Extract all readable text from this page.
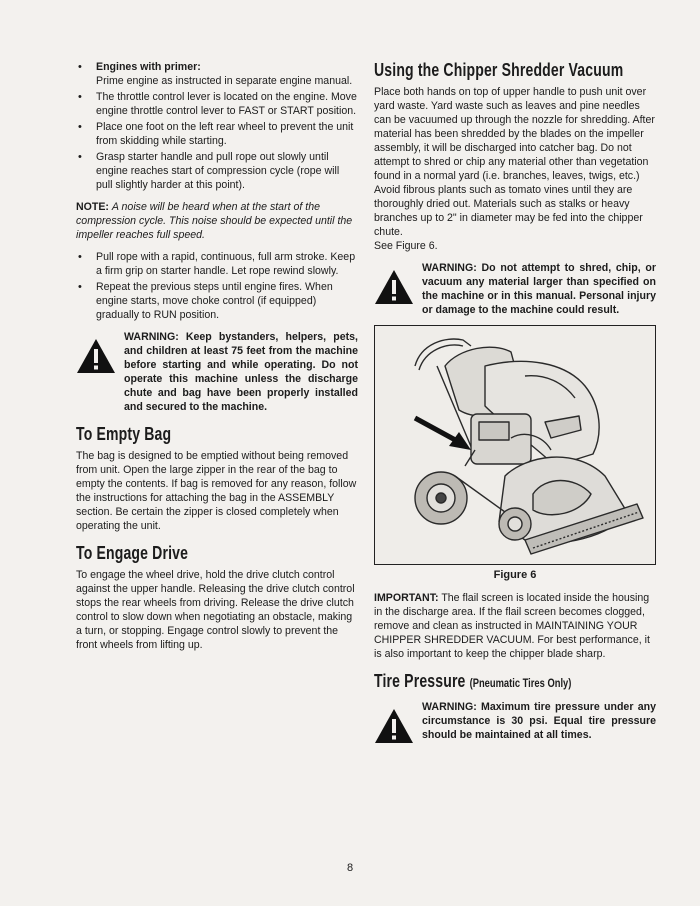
• Engines with primer:
Prime engine as instructed in separate engine manual.
• The throttle control lever is located on the engine. Move engine throttle control lever to FAST or START position.
• Place one foot on the left rear wheel to prevent the unit from skidding while starting.
• Grasp starter handle and pull rope out slowly until engine reaches start of compression cycle (rope will pull slightly harder at this point).

NOTE: A noise will be heard when at the start of the compression cycle. This noise should be expected until the impeller reaches full speed.

• Pull rope with a rapid, continuous, full arm stroke. Keep a firm grip on starter handle. Let rope rewind slowly.
• Repeat the previous steps until engine fires. When engine starts, move choke control (if equipped) gradually to RUN position.

WARNING: Keep bystanders, helpers, pets, and children at least 75 feet from the machine before starting and while operating. Do not operate this machine unless the discharge chute and bag have been properly installed and secured to the machine.

To Empty Bag

The bag is designed to be emptied without being removed from unit. Open the large zipper in the rear of the bag to empty the contents. If bag is removed for any reason, follow the instructions for attaching the bag in the ASSEMBLY section. Be certain the zipper is closed completely when operating the unit.

To Engage Drive

To engage the wheel drive, hold the drive clutch control against the upper handle. Releasing the drive clutch control stops the rear wheels from driving. Release the drive clutch control to slow down when negotiating an obstacle, making a turn, or stopping. Engage control slowly to prevent the front wheels from lifting up.

Using the Chipper Shredder Vacuum

Place both hands on top of upper handle to push unit over yard waste. Yard waste such as leaves and pine needles can be vacuumed up through the nozzle for shredding. After material has been shredded by the blades on the impeller assembly, it will be discharged into catcher bag. Do not attempt to shred or chip any material other than vegetation found in a normal yard (i.e. branches, leaves, twigs, etc.) Avoid fibrous plants such as tomato vines until they are thoroughly dried out. Materials such as stalks or heavy branches up to 2" in diameter may be fed into the chipper chute.

See Figure 6.

WARNING: Do not attempt to shred, chip, or vacuum any material larger than specified on the machine or in this manual. Personal injury or damage to the machine could result.

Figure 6

IMPORTANT: The flail screen is located inside the housing in the discharge area. If the flail screen becomes clogged, remove and clean as instructed in MAINTAINING YOUR CHIPPER SHREDDER VACUUM. For best performance, it is also important to keep the chipper blade sharp.

Tire Pressure (Pneumatic Tires Only)

WARNING: Maximum tire pressure under any circumstance is 30 psi. Equal tire pressure should be maintained at all times.

8
